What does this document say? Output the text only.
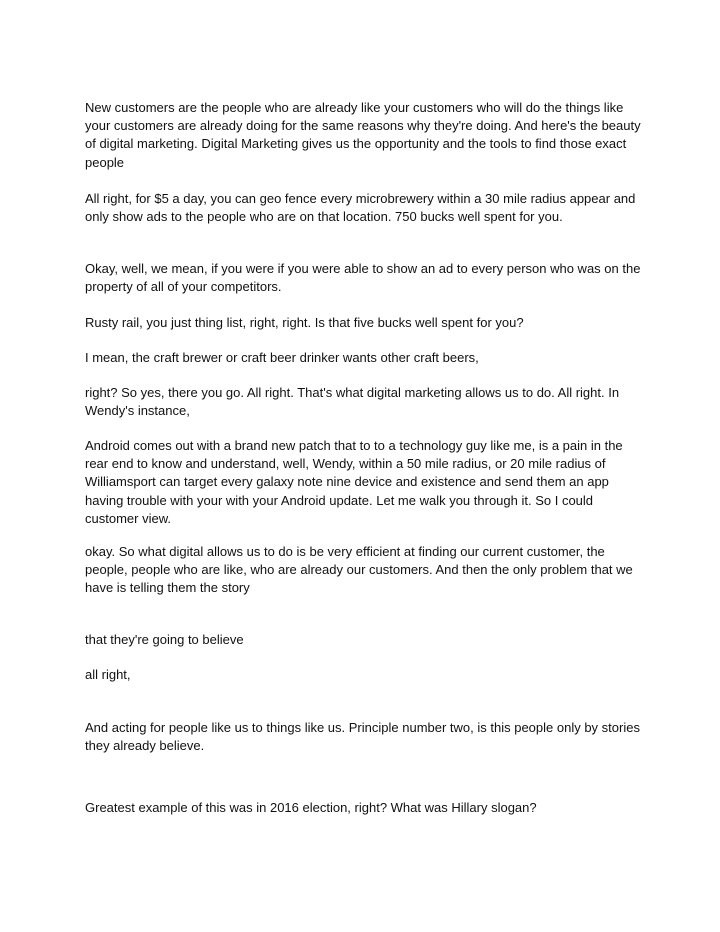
New customers are the people who are already like your customers who will do the things like your customers are already doing for the same reasons why they're doing. And here's the beauty of digital marketing. Digital Marketing gives us the opportunity and the tools to find those exact people

All right, for $5 a day, you can geo fence every microbrewery within a 30 mile radius appear and only show ads to the people who are on that location. 750 bucks well spent for you.

Okay, well, we mean, if you were if you were able to show an ad to every person who was on the property of all of your competitors.

Rusty rail, you just thing list, right, right. Is that five bucks well spent for you?

I mean, the craft brewer or craft beer drinker wants other craft beers,

right? So yes, there you go. All right. That's what digital marketing allows us to do. All right. In Wendy's instance,

Android comes out with a brand new patch that to to a technology guy like me, is a pain in the rear end to know and understand, well, Wendy, within a 50 mile radius, or 20 mile radius of Williamsport can target every galaxy note nine device and existence and send them an app having trouble with your with your Android update. Let me walk you through it. So I could customer view.

okay. So what digital allows us to do is be very efficient at finding our current customer, the people, people who are like, who are already our customers. And then the only problem that we have is telling them the story

that they're going to believe

all right,

And acting for people like us to things like us. Principle number two, is this people only by stories they already believe.

Greatest example of this was in 2016 election, right? What was Hillary slogan?
